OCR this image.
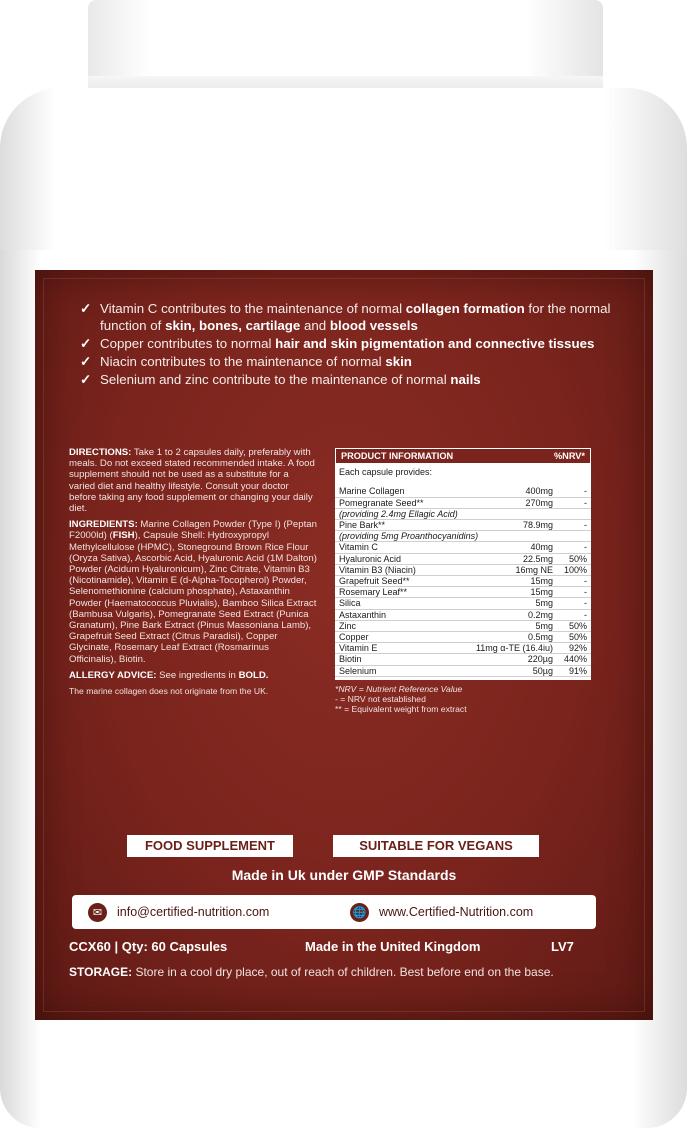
✓ Vitamin C contributes to the maintenance of normal collagen formation for the normal function of skin, bones, cartilage and blood vessels
✓ Copper contributes to normal hair and skin pigmentation and connective tissues
✓ Niacin contributes to the maintenance of normal skin
✓ Selenium and zinc contribute to the maintenance of normal nails

DIRECTIONS: Take 1 to 2 capsules daily, preferably with meals. Do not exceed stated recommended intake. A food supplement should not be used as a substitute for a varied diet and healthy lifestyle. Consult your doctor before taking any food supplement or changing your daily diet.

INGREDIENTS: Marine Collagen Powder (Type I) (Peptan F2000ld) (FISH), Capsule Shell: Hydroxypropyl Methylcellulose (HPMC), Stoneground Brown Rice Flour (Oryza Sativa), Ascorbic Acid, Hyaluronic Acid (1M Dalton) Powder (Acidum Hyaluronicum), Zinc Citrate, Vitamin B3 (Nicotinamide), Vitamin E (d-Alpha-Tocopherol) Powder, Selenomethionine (calcium phosphate), Astaxanthin Powder (Haematococcus Pluvialis), Bamboo Silica Extract (Bambusa Vulgaris), Pomegranate Seed Extract (Punica Granatum), Pine Bark Extract (Pinus Massoniana Lamb), Grapefruit Seed Extract (Citrus Paradisi), Copper Glycinate, Rosemary Leaf Extract (Rosmarinus Officinalis), Biotin.

ALLERGY ADVICE: See ingredients in BOLD.

The marine collagen does not originate from the UK.

PRODUCT INFORMATION	%NRV*
Each capsule provides:
Marine Collagen	400mg	-
Pomegranate Seed**	270mg	-
(providing 2.4mg Ellagic Acid)
Pine Bark**	78.9mg	-
(providing 5mg Proanthocyanidins)
Vitamin C	40mg	-
Hyaluronic Acid	22.5mg	50%
Vitamin B3 (Niacin)	16mg NE	100%
Grapefruit Seed**	15mg	-
Rosemary Leaf**	15mg	-
Silica	5mg	-
Astaxanthin	0.2mg	-
Zinc	5mg	50%
Copper	0.5mg	50%
Vitamin E	11mg α-TE (16.4iu)	92%
Biotin	220µg	440%
Selenium	50µg	91%
*NRV = Nutrient Reference Value
- = NRV not established
** = Equivalent weight from extract
FOOD SUPPLEMENT	SUITABLE FOR VEGANS
Made in Uk under GMP Standards
✉	info@certified-nutrition.com	🌐 www.Certified-Nutrition.com
CCX60 | Qty: 60 Capsules	Made in the United Kingdom	LV7
STORAGE: Store in a cool dry place, out of reach of children. Best before end on the base.
